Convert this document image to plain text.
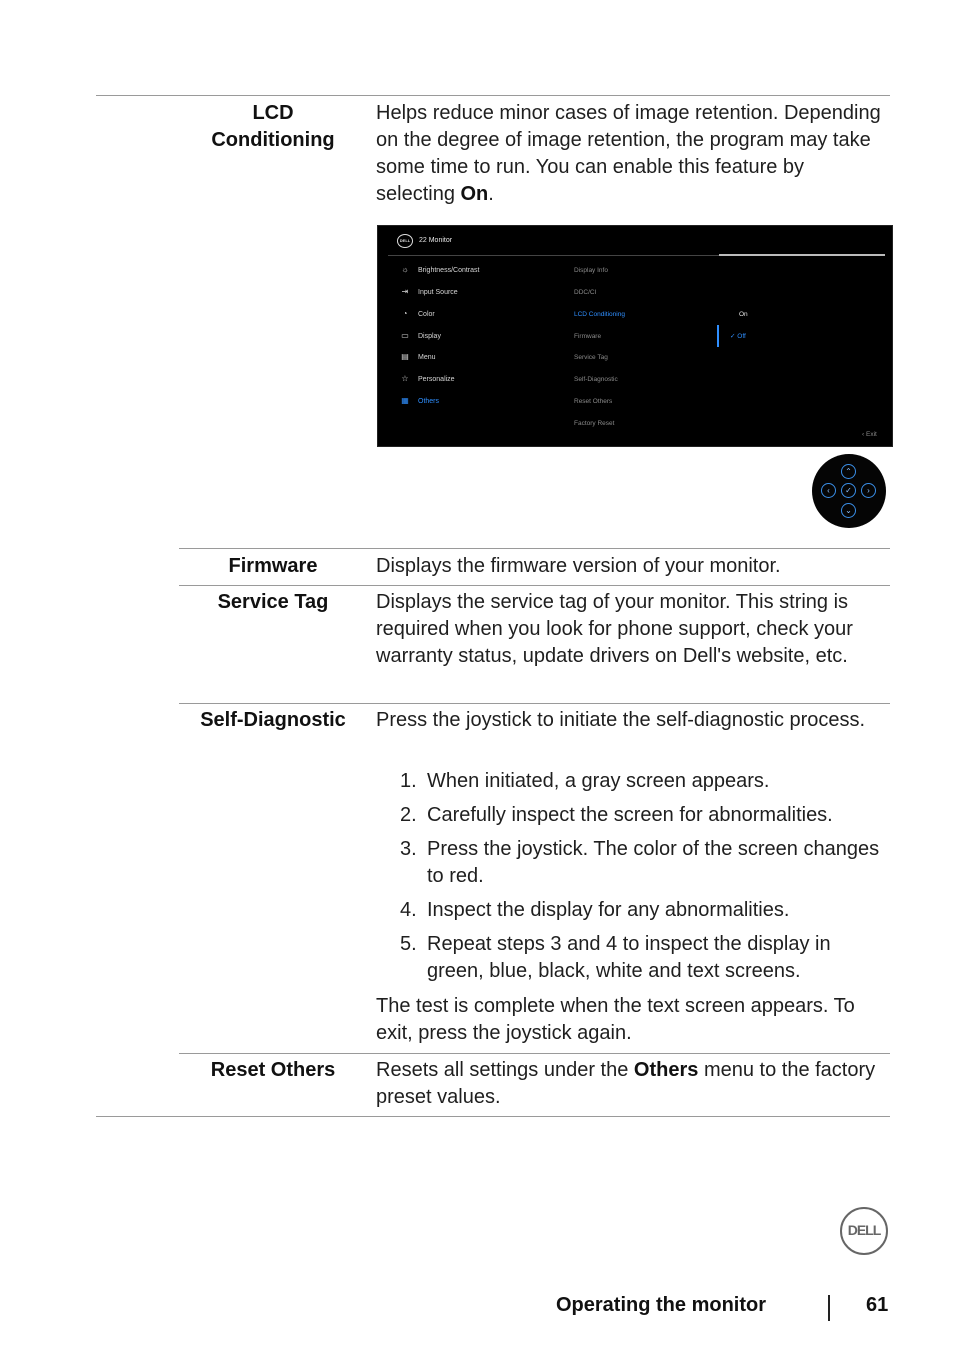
LCD Conditioning
Helps reduce minor cases of image retention. Depending on the degree of image retention, the program may take some time to run. You can enable this feature by selecting On.
DELL	22 Monitor
☼ Brightness/Contrast
⇥ Input Source
◔ Color
▭ Display
▤ Menu
☆ Personalize
▦ Others
Display Info
DDC/CI
LCD Conditioning
Firmware
Service Tag
Self-Diagnostic
Reset Others
Factory Reset
On
✓ Off
‹ Exit
⌃
‹	✓	›
⌄
Firmware	Displays the firmware version of your monitor.
Service Tag	Displays the service tag of your monitor. This string is required when you look for phone support, check your warranty status, update drivers on Dell's website, etc.
Self-Diagnostic	Press the joystick to initiate the self-diagnostic process.
1. When initiated, a gray screen appears.
2. Carefully inspect the screen for abnormalities.
3. Press the joystick. The color of the screen changes to red.
4. Inspect the display for any abnormalities.
5. Repeat steps 3 and 4 to inspect the display in green, blue, black, white and text screens.
The test is complete when the text screen appears. To exit, press the joystick again.
Reset Others	Resets all settings under the Others menu to the factory preset values.
DELL
Operating the monitor	61
